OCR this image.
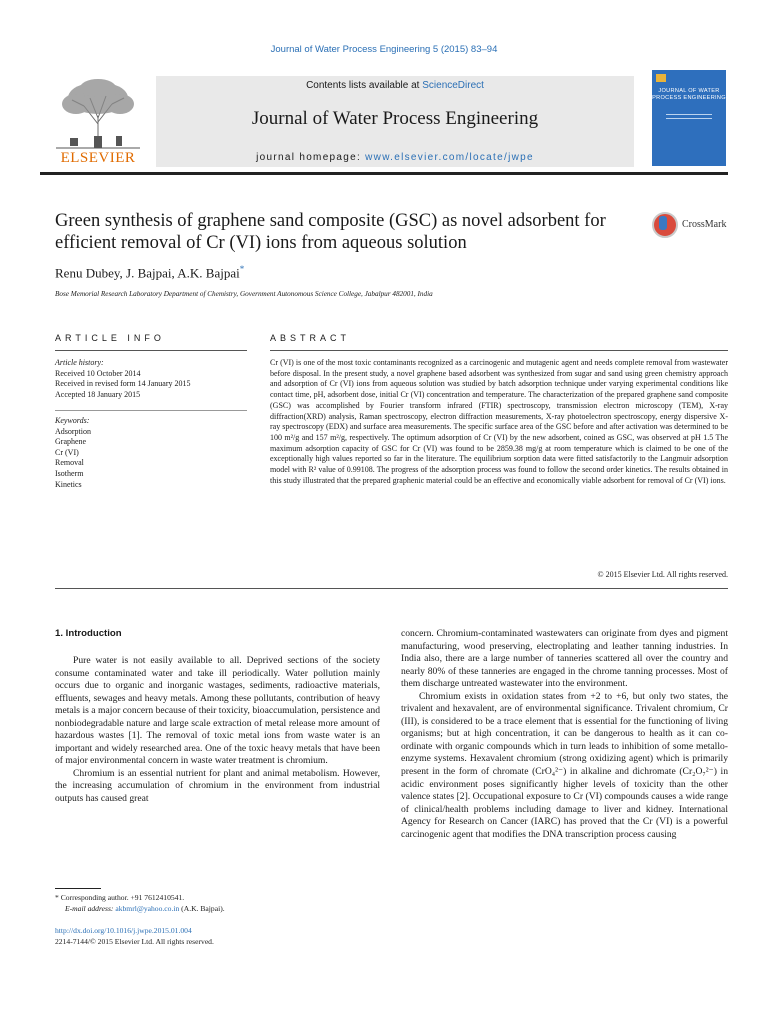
Journal of Water Process Engineering 5 (2015) 83–94
ELSEVIER
Contents lists available at ScienceDirect
Journal of Water Process Engineering
journal homepage: www.elsevier.com/locate/jwpe
JOURNAL OF WATER PROCESS ENGINEERING
Green synthesis of graphene sand composite (GSC) as novel adsorbent for efficient removal of Cr (VI) ions from aqueous solution
CrossMark
Renu Dubey, J. Bajpai, A.K. Bajpai*
Bose Memorial Research Laboratory Department of Chemistry, Government Autonomous Science College, Jabalpur 482001, India
ARTICLE INFO	ABSTRACT
Article history:
Received 10 October 2014
Received in revised form 14 January 2015
Accepted 18 January 2015
Keywords:
Adsorption
Graphene
Cr (VI)
Removal
Isotherm
Kinetics
Cr (VI) is one of the most toxic contaminants recognized as a carcinogenic and mutagenic agent and needs complete removal from wastewater before disposal. In the present study, a novel graphene based adsorbent was synthesized from sugar and sand using green chemistry approach and adsorption of Cr (VI) ions from aqueous solution was studied by batch adsorption technique under varying experimental conditions like contact time, pH, adsorbent dose, initial Cr (VI) concentration and temperature. The characterization of the prepared graphene sand composite (GSC) was accomplished by Fourier transform infrared (FTIR) spectroscopy, transmission electron microscopy (TEM), X-ray diffraction(XRD) analysis, Raman spectroscopy, electron diffraction measurements, X-ray photoelectron spectroscopy, energy dispersive X-ray spectroscopy (EDX) and surface area measurements. The specific surface area of the GSC before and after activation was determined to be 100 m²/g and 157 m²/g, respectively. The optimum adsorption of Cr (VI) by the new adsorbent, coined as GSC, was observed at pH 1.5 The maximum adsorption capacity of GSC for Cr (VI) was found to be 2859.38 mg/g at room temperature which is claimed to be one of the exceptionally high values reported so far in the literature. The equilibrium sorption data were fitted satisfactorily to the Langmuir adsorption model with R² value of 0.99108. The progress of the adsorption process was found to follow the second order kinetics. The results obtained in this study illustrated that the prepared graphenic material could be an effective and economically viable adsorbent for removal of Cr (VI) ions.
© 2015 Elsevier Ltd. All rights reserved.
1. Introduction

Pure water is not easily available to all. Deprived sections of the society consume contaminated water and take ill periodically. Water pollution mainly occurs due to organic and inorganic wastages, sediments, radioactive materials, effluents, sewages and heavy metals. Among these pollutants, contribution of heavy metals is a major concern because of their toxicity, bioaccumulation, persistence and nonbiodegradable nature and large scale extraction of metal release more amount of hazardous wastes [1]. The removal of toxic metal ions from waste water is an important and widely researched area. One of the toxic heavy metals that have been of major environmental concern in waste water treatment is chromium.

Chromium is an essential nutrient for plant and animal metabolism. However, the increasing accumulation of chromium in the environment from industrial outputs has caused great

concern. Chromium-contaminated wastewaters can originate from dyes and pigment manufacturing, wood preserving, electroplating and leather tanning industries. In India also, there are a large number of tanneries scattered all over the country and nearly 80% of these tanneries are engaged in the chrome tanning processes. Most of them discharge untreated wastewater into the environment.

Chromium exists in oxidation states from +2 to +6, but only two states, the trivalent and hexavalent, are of environmental significance. Trivalent chromium, Cr (III), is considered to be a trace element that is essential for the functioning of living organisms; but at high concentration, it can be dangerous to health as it can co-ordinate with organic compounds which in turn leads to inhibition of some metallo-enzyme systems. Hexavalent chromium (strong oxidizing agent) which is primarily present in the form of chromate (CrO₄²⁻) in alkaline and dichromate (Cr₂O₇²⁻) in acidic environment poses significantly higher levels of toxicity than the other valence states [2]. Occupational exposure to Cr (VI) compounds causes a wide range of clinical/health problems including damage to liver and kidney. International Agency for Research on Cancer (IARC) has proved that the Cr (VI) is a powerful carcinogenic agent that modifies the DNA transcription process causing

* Corresponding author. +91 7612410541.
E-mail address: akbmrl@yahoo.co.in (A.K. Bajpai).
http://dx.doi.org/10.1016/j.jwpe.2015.01.004
2214-7144/© 2015 Elsevier Ltd. All rights reserved.
